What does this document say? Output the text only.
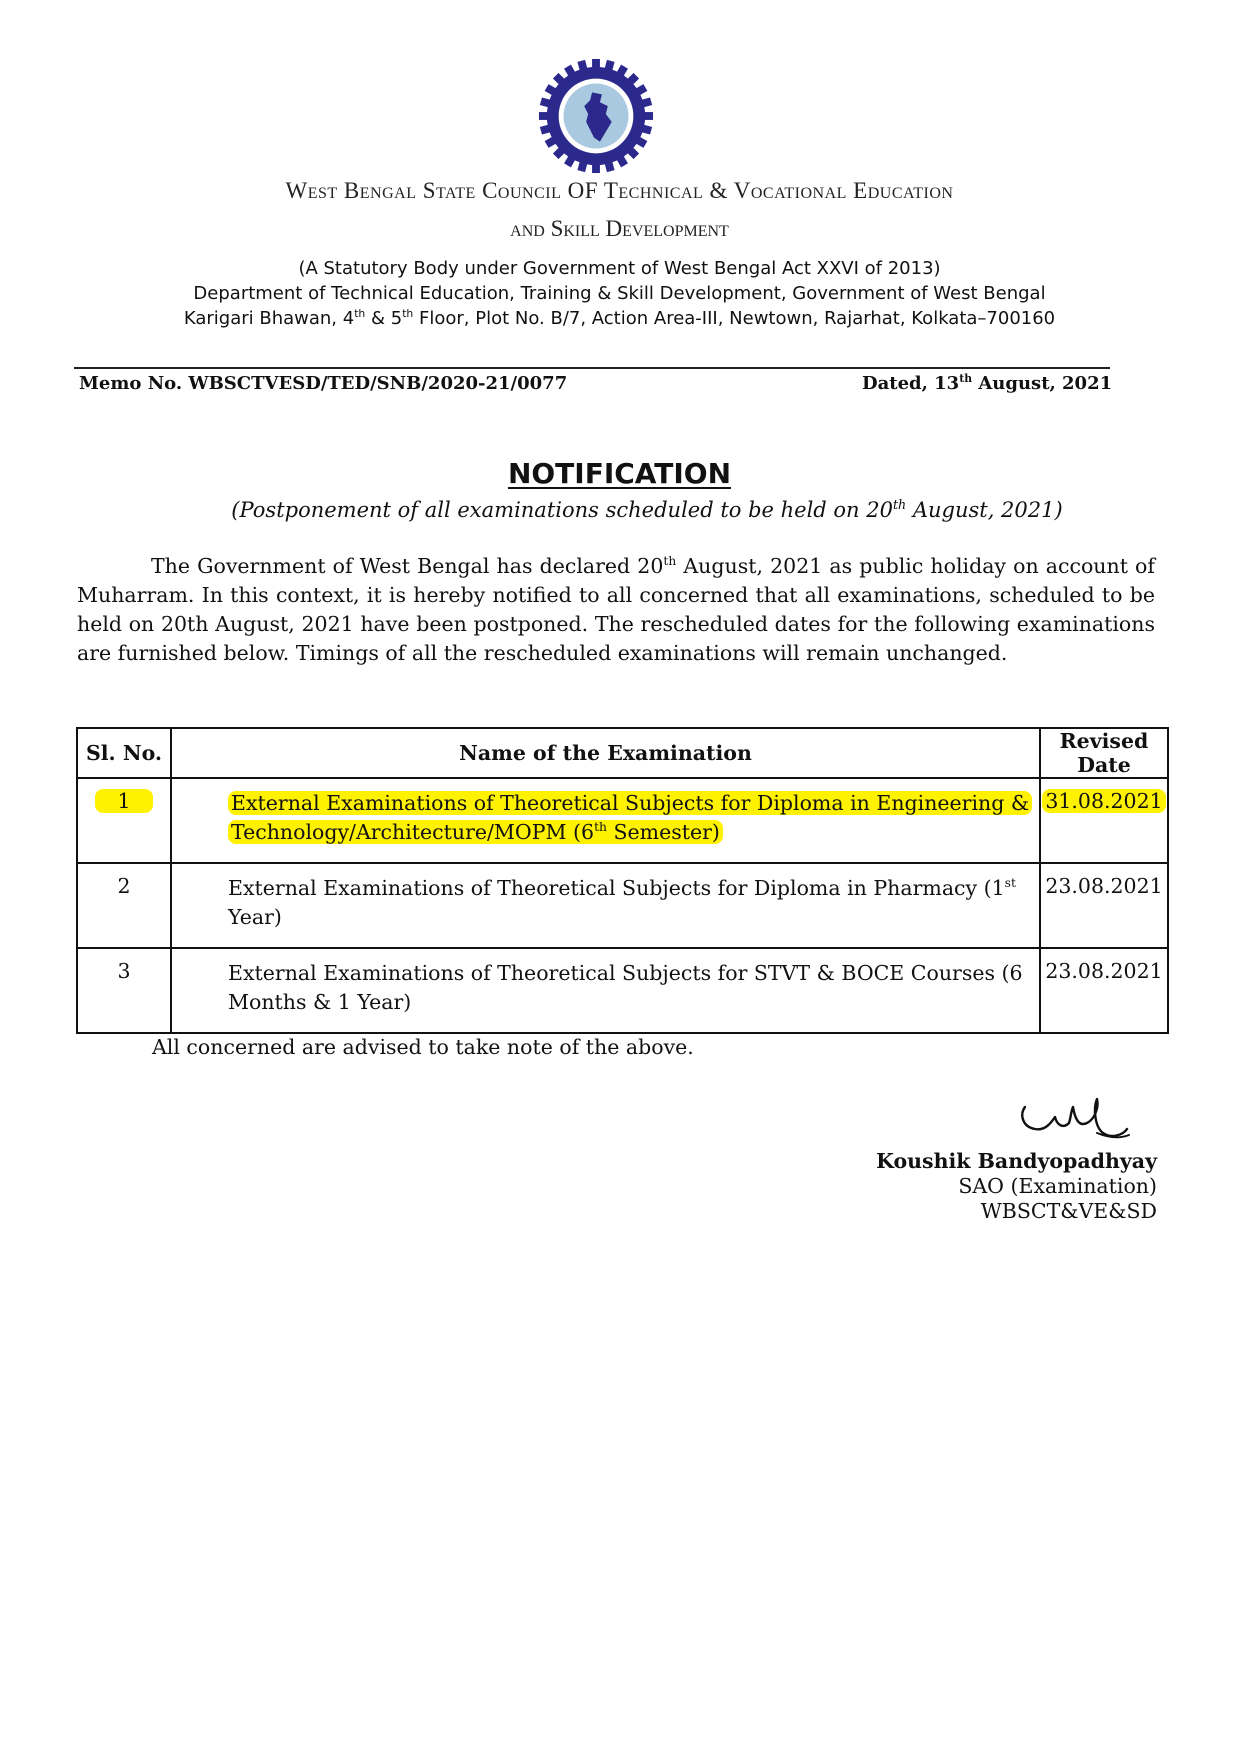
West Bengal State Council OF Technical & Vocational Education
and Skill Development
(A Statutory Body under Government of West Bengal Act XXVI of 2013)
Department of Technical Education, Training & Skill Development, Government of West Bengal
Karigari Bhawan, 4th & 5th Floor, Plot No. B/7, Action Area-III, Newtown, Rajarhat, Kolkata–700160
Memo No. WBSCTVESD/TED/SNB/2020-21/0077	Dated, 13th August, 2021
NOTIFICATION
(Postponement of all examinations scheduled to be held on 20th August, 2021)
The Government of West Bengal has declared 20th August, 2021 as public holiday on account of Muharram. In this context, it is hereby notified to all concerned that all examinations, scheduled to be held on 20th August, 2021 have been postponed. The rescheduled dates for the following examinations are furnished below. Timings of all the rescheduled examinations will remain unchanged.
Sl. No.	Name of the Examination	Revised Date
1	External Examinations of Theoretical Subjects for Diploma in Engineering & Technology/Architecture/MOPM (6th Semester)	31.08.2021
2	External Examinations of Theoretical Subjects for Diploma in Pharmacy (1st Year)	23.08.2021
3	External Examinations of Theoretical Subjects for STVT & BOCE Courses (6 Months & 1 Year)	23.08.2021
All concerned are advised to take note of the above.
Koushik Bandyopadhyay
SAO (Examination)
WBSCT&VE&SD
